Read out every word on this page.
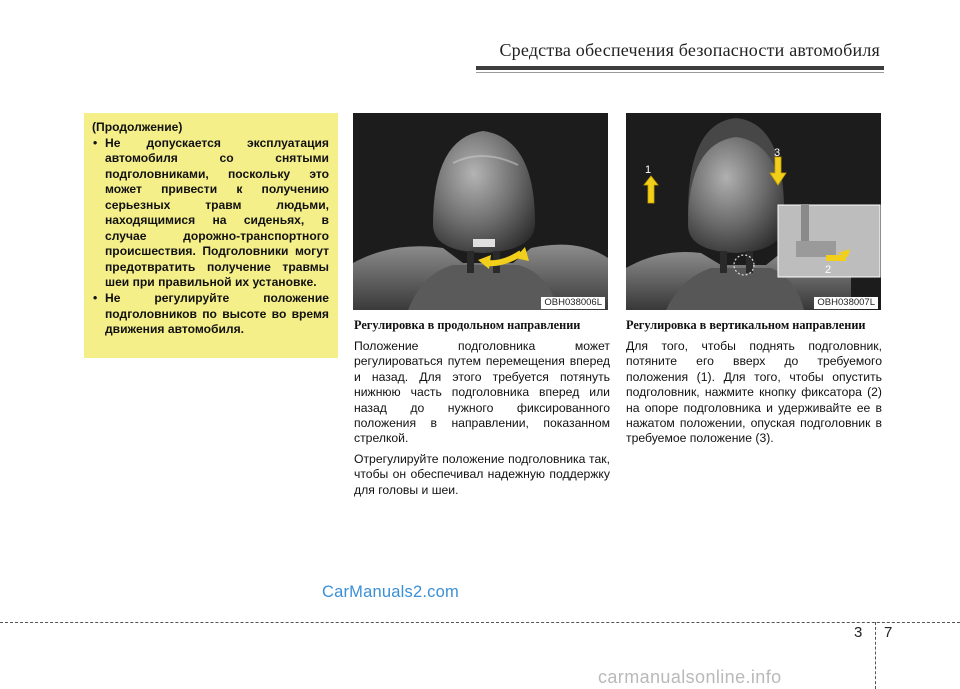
Средства обеспечения безопасности автомобиля

(Продолжение)

• Не допускается эксплуатация автомобиля со снятыми подголовниками, поскольку это может привести к получению серьезных травм людьми, находящимися на сиденьях, в случае дорожно-транспортного происшествия. Подголовники могут предотвратить получение травмы шеи при правильной их установке.
• Не регулируйте положение подголовников по высоте во время движения автомобиля.
OBH038006L
1
2
3
OBH038007L

Регулировка в продольном направлении

Положение подголовника может регулироваться путем перемещения вперед и назад. Для этого требуется потянуть нижнюю часть подголовника вперед или назад до нужного фиксированного положения в направлении, показанном стрелкой.

Отрегулируйте положение подголовника так, чтобы он обеспечивал надежную поддержку для головы и шеи.

Регулировка в вертикальном направлении

Для того, чтобы поднять подголовник, потяните его вверх до требуемого положения (1). Для того, чтобы опустить подголовник, нажмите кнопку фиксатора (2) на опоре подголовника и удерживайте ее в нажатом положении, опуская подголовник в требуемое положение (3).

CarManuals2.com
3 7
carmanualsonline.info
